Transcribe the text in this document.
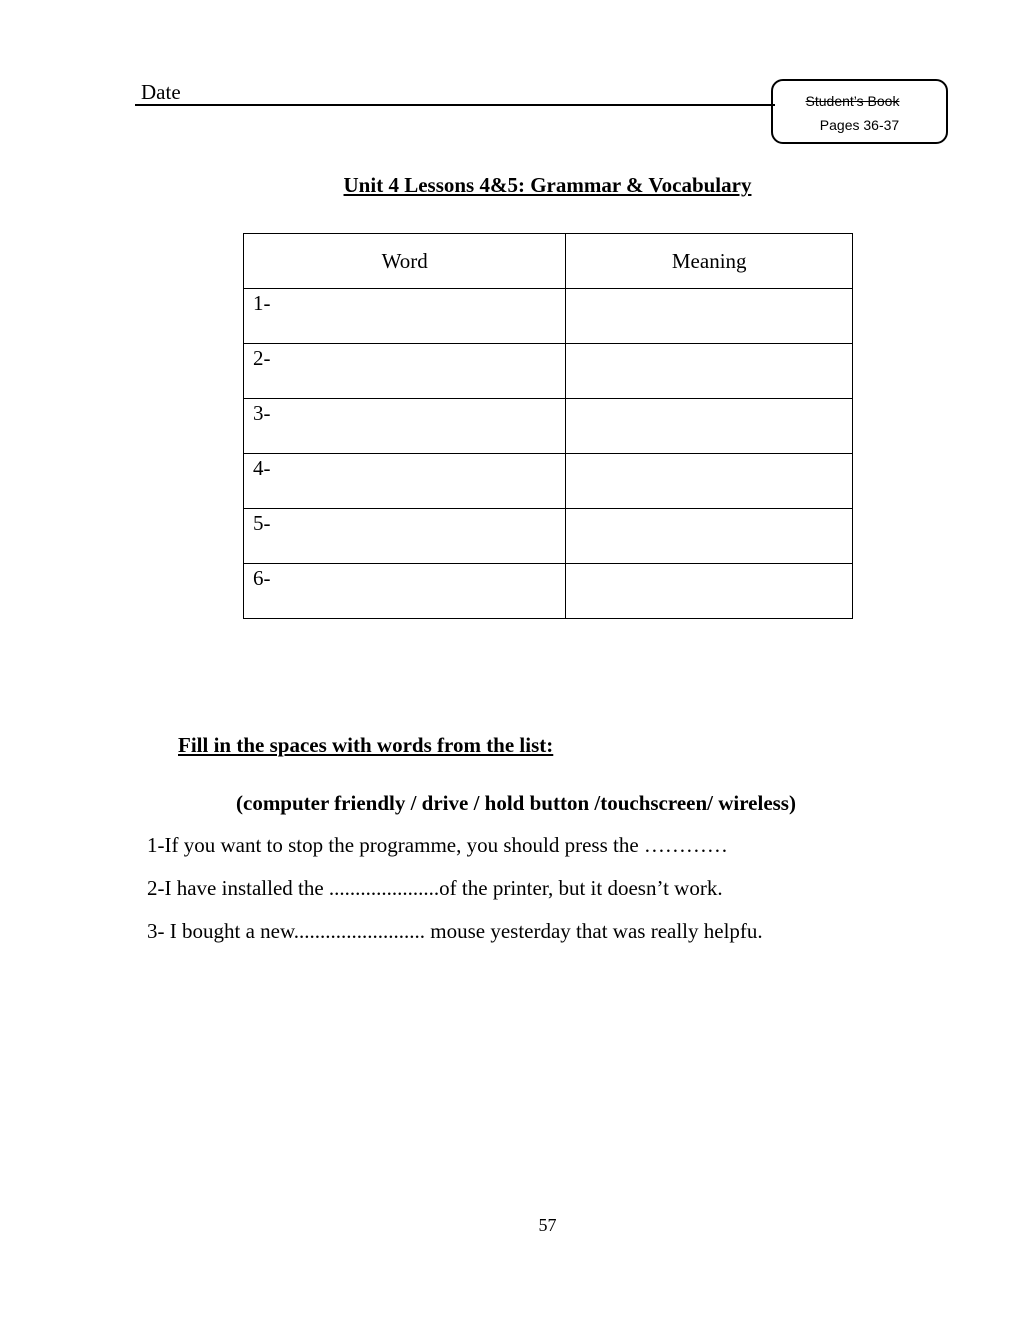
Date	Student’s Book
Pages 36-37
Unit 4 Lessons 4&5: Grammar & Vocabulary
Word	Meaning
1-	
2-	
3-	
4-	
5-	
6-	
Fill in the spaces with words from the list:
(computer friendly / drive / hold button /touchscreen/ wireless)
1-If you want to stop the programme, you should press the …………
2-I have installed the .....................of the printer, but it doesn’t work.
3- I bought a new......................... mouse yesterday that was really helpfu.
57
